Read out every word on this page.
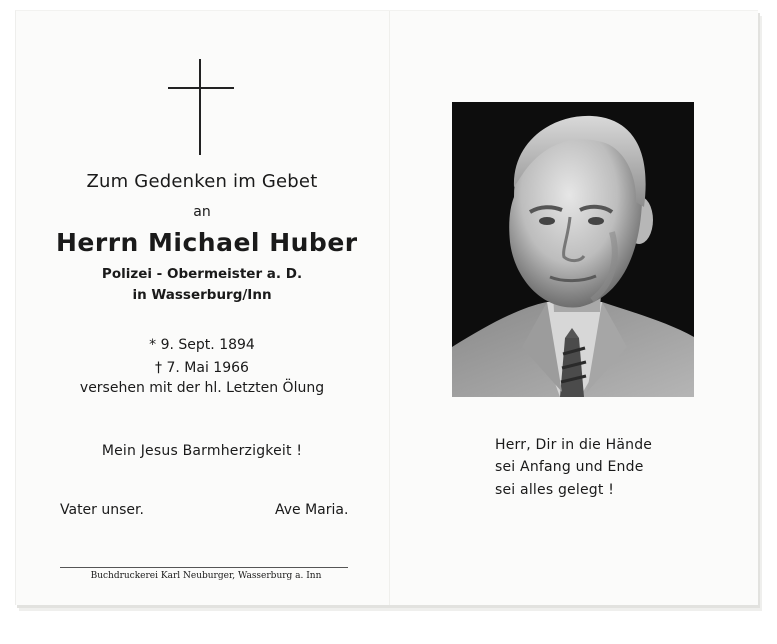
Zum Gedenken im Gebet
an
Herrn Michael Huber
Polizei - Obermeister a. D.
in Wasserburg/Inn
* 9. Sept. 1894
† 7. Mai 1966
versehen mit der hl. Letzten Ölung
Mein Jesus Barmherzigkeit !
Vater unser.	Ave Maria.
Buchdruckerei Karl Neuburger, Wasserburg a. Inn
Herr, Dir in die Hände
sei Anfang und Ende
sei alles gelegt !
